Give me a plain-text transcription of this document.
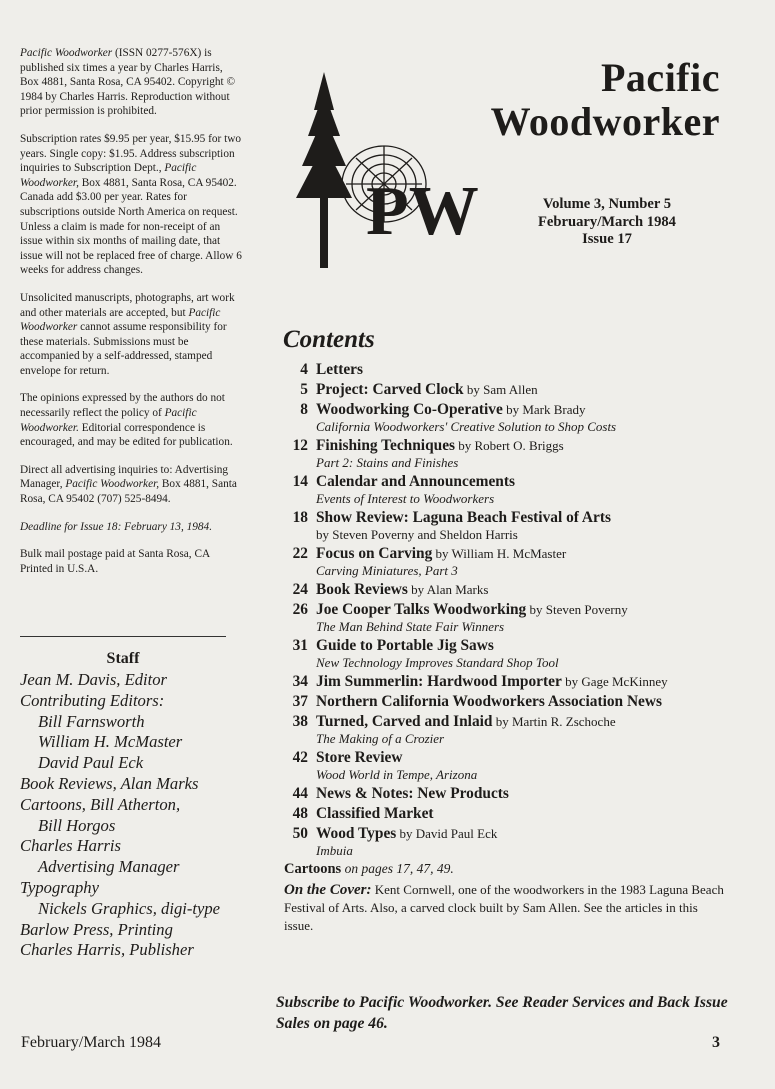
Pacific Woodworker (ISSN 0277-576X) is published six times a year by Charles Harris, Box 4881, Santa Rosa, CA 95402. Copyright © 1984 by Charles Harris. Reproduction without prior permission is prohibited.

Subscription rates $9.95 per year, $15.95 for two years. Single copy: $1.95. Address subscription inquiries to Subscription Dept., Pacific Woodworker, Box 4881, Santa Rosa, CA 95402. Canada add $3.00 per year. Rates for subscriptions outside North America on request. Unless a claim is made for non-receipt of an issue within six months of mailing date, that issue will not be replaced free of charge. Allow 6 weeks for address changes.

Unsolicited manuscripts, photographs, art work and other materials are accepted, but Pacific Woodworker cannot assume responsibility for these materials. Submissions must be accompanied by a self-addressed, stamped envelope for return.

The opinions expressed by the authors do not necessarily reflect the policy of Pacific Woodworker. Editorial correspondence is encouraged, and may be edited for publication.

Direct all advertising inquiries to: Advertising Manager, Pacific Woodworker, Box 4881, Santa Rosa, CA 95402 (707) 525-8494.

Deadline for Issue 18: February 13, 1984.

Bulk mail postage paid at Santa Rosa, CA Printed in U.S.A.

Staff
Jean M. Davis, Editor
Contributing Editors:
Bill Farnsworth
William H. McMaster
David Paul Eck
Book Reviews, Alan Marks
Cartoons, Bill Atherton,
Bill Horgos
Charles Harris
Advertising Manager
Typography
Nickels Graphics, digi-type
Barlow Press, Printing
Charles Harris, Publisher
PW
Pacific
Woodworker
Volume 3, Number 5
February/March 1984
Issue 17
Contents
4 Letters
5 Project: Carved Clock by Sam Allen
8 Woodworking Co-Operative by Mark Brady
California Woodworkers' Creative Solution to Shop Costs
12 Finishing Techniques by Robert O. Briggs
Part 2: Stains and Finishes
14 Calendar and Announcements
Events of Interest to Woodworkers
18 Show Review: Laguna Beach Festival of Arts
by Steven Poverny and Sheldon Harris
22 Focus on Carving by William H. McMaster
Carving Miniatures, Part 3
24 Book Reviews by Alan Marks
26 Joe Cooper Talks Woodworking by Steven Poverny
The Man Behind State Fair Winners
31 Guide to Portable Jig Saws
New Technology Improves Standard Shop Tool
34 Jim Summerlin: Hardwood Importer by Gage McKinney
37 Northern California Woodworkers Association News
38 Turned, Carved and Inlaid by Martin R. Zschoche
The Making of a Crozier
42 Store Review
Wood World in Tempe, Arizona
44 News & Notes: New Products
48 Classified Market
50 Wood Types by David Paul Eck
Imbuia
Cartoons on pages 17, 47, 49.
On the Cover: Kent Cornwell, one of the woodworkers in the 1983 Laguna Beach Festival of Arts. Also, a carved clock built by Sam Allen. See the articles in this issue.
Subscribe to Pacific Woodworker. See Reader Services and Back Issue Sales on page 46.
February/March 1984	3
